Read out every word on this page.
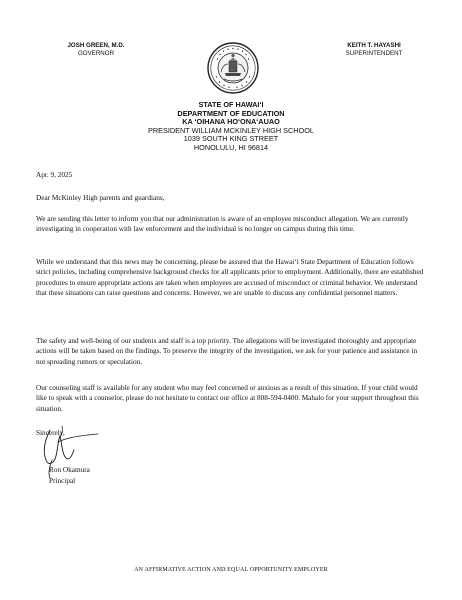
JOSH GREEN, M.D.
GOVERNOR
KEITH T. HAYASHI
SUPERINTENDENT
STATE OF HAWAI‘I
DEPARTMENT OF EDUCATION
KA ‘OIHANA HO‘ONA‘AUAO
PRESIDENT WILLIAM MCKINLEY HIGH SCHOOL
1039 SOUTH KING STREET
HONOLULU, HI 96814

Apr. 9, 2025

Dear McKinley High parents and guardians,

We are sending this letter to inform you that our administration is aware of an employee misconduct allegation. We are currently investigating in cooperation with law enforcement and the individual is no longer on campus during this time.

While we understand that this news may be concerning, please be assured that the Hawai‘i State Department of Education follows strict policies, including comprehensive background checks for all applicants prior to employment. Additionally, there are established procedures to ensure appropriate actions are taken when employees are accused of misconduct or criminal behavior. We understand that these situations can raise questions and concerns. However, we are unable to discuss any confidential personnel matters.

The safety and well-being of our students and staff is a top priority. The allegations will be investigated thoroughly and appropriate actions will be taken based on the findings. To preserve the integrity of the investigation, we ask for your patience and assistance in not spreading rumors or speculation.

Our counseling staff is available for any student who may feel concerned or anxious as a result of this situation. If your child would like to speak with a counselor, please do not hesitate to contact our office at 808-594-0400. Mahalo for your support throughout this situation.

Sincerely,

Ron Okamura

Principal

AN AFFIRMATIVE ACTION AND EQUAL OPPORTUNITY EMPLOYER
